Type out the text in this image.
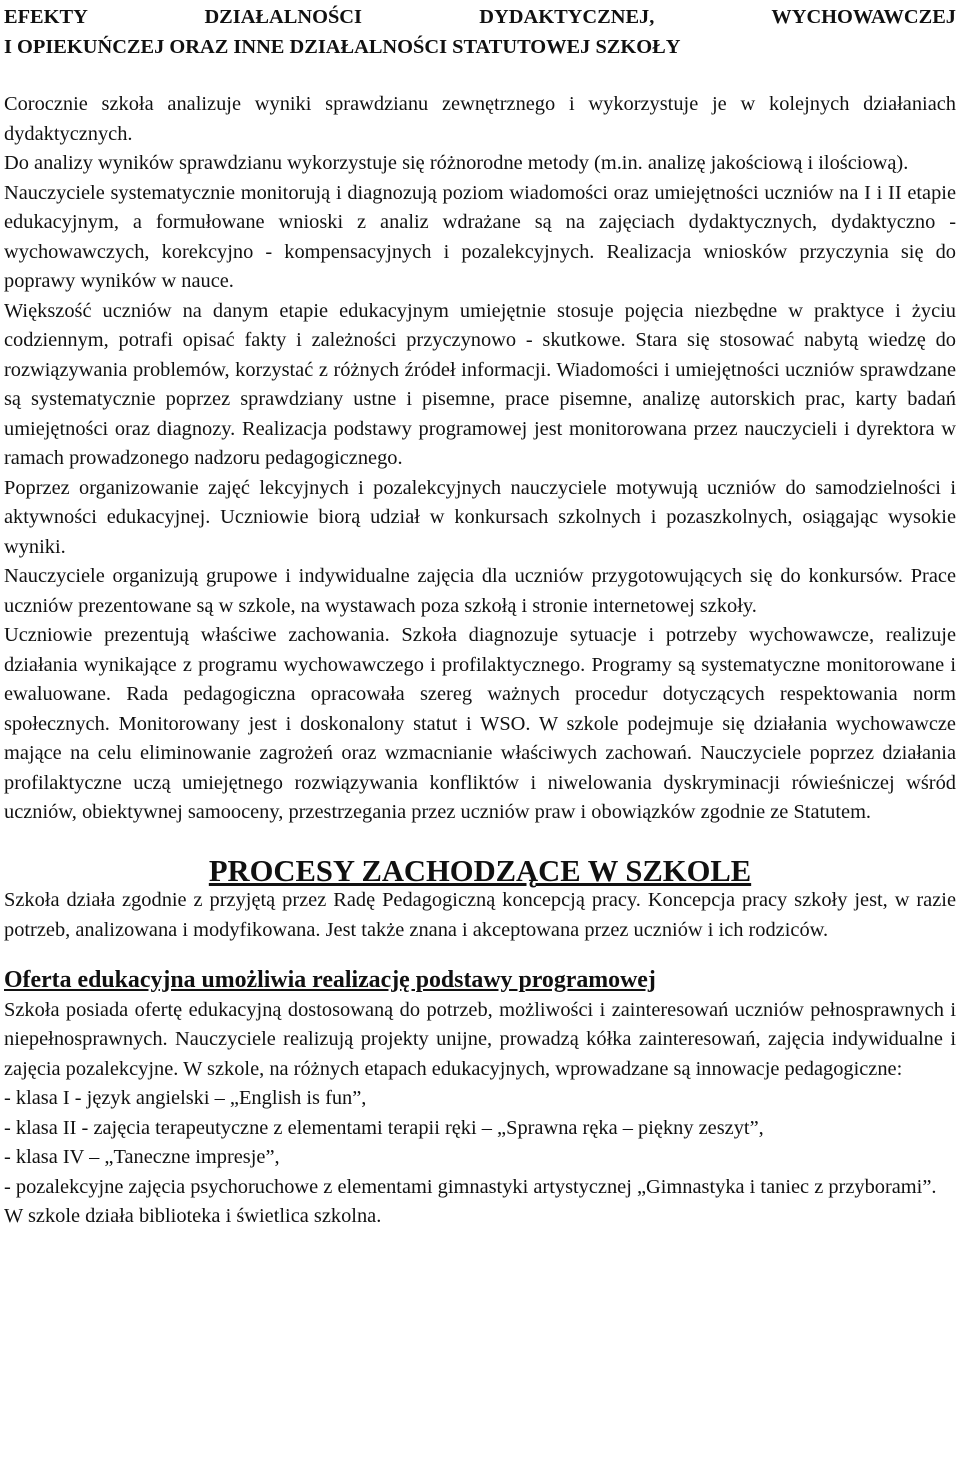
EFEKTY DZIAŁALNOŚCI DYDAKTYCZNEJ, WYCHOWAWCZEJ
I OPIEKUŃCZEJ ORAZ INNE DZIAŁALNOŚCI STATUTOWEJ SZKOŁY

Corocznie szkoła analizuje wyniki sprawdzianu zewnętrznego i wykorzystuje je w kolejnych działaniach dydaktycznych.

Do analizy wyników sprawdzianu wykorzystuje się różnorodne metody (m.in. analizę jakościową i ilościową).

Nauczyciele systematycznie monitorują i diagnozują poziom wiadomości oraz umiejętności uczniów na I i II etapie edukacyjnym, a formułowane wnioski z analiz wdrażane są na zajęciach dydaktycznych, dydaktyczno - wychowawczych, korekcyjno - kompensacyjnych i pozalekcyjnych. Realizacja wniosków przyczynia się do poprawy wyników w nauce.

Większość uczniów na danym etapie edukacyjnym umiejętnie stosuje pojęcia niezbędne w praktyce i życiu codziennym, potrafi opisać fakty i zależności przyczynowo - skutkowe. Stara się stosować nabytą wiedzę do rozwiązywania problemów, korzystać z różnych źródeł informacji. Wiadomości i umiejętności uczniów sprawdzane są systematycznie poprzez sprawdziany ustne i pisemne, prace pisemne, analizę autorskich prac, karty badań umiejętności oraz diagnozy. Realizacja podstawy programowej jest monitorowana przez nauczycieli i dyrektora w ramach prowadzonego nadzoru pedagogicznego.

Poprzez organizowanie zajęć lekcyjnych i pozalekcyjnych nauczyciele motywują uczniów do samodzielności i aktywności edukacyjnej. Uczniowie biorą udział w konkursach szkolnych i pozaszkolnych, osiągając wysokie wyniki.

Nauczyciele organizują grupowe i indywidualne zajęcia dla uczniów przygotowujących się do konkursów. Prace uczniów prezentowane są w szkole, na wystawach poza szkołą i stronie internetowej szkoły.

Uczniowie prezentują właściwe zachowania. Szkoła diagnozuje sytuacje i potrzeby wychowawcze, realizuje działania wynikające z programu wychowawczego i profilaktycznego. Programy są systematyczne monitorowane i ewaluowane. Rada pedagogiczna opracowała szereg ważnych procedur dotyczących respektowania norm społecznych. Monitorowany jest i doskonalony statut i WSO. W szkole podejmuje się działania wychowawcze mające na celu eliminowanie zagrożeń oraz wzmacnianie właściwych zachowań. Nauczyciele poprzez działania profilaktyczne uczą umiejętnego rozwiązywania konfliktów i niwelowania dyskryminacji rówieśniczej wśród uczniów, obiektywnej samooceny, przestrzegania przez uczniów praw i obowiązków zgodnie ze Statutem.

PROCESY ZACHODZĄCE W SZKOLE

Szkoła działa zgodnie z przyjętą przez Radę Pedagogiczną koncepcją pracy. Koncepcja pracy szkoły jest, w razie potrzeb, analizowana i modyfikowana. Jest także znana i akceptowana przez uczniów i ich rodziców.

Oferta edukacyjna umożliwia realizację podstawy programowej

Szkoła posiada ofertę edukacyjną dostosowaną do potrzeb, możliwości i zainteresowań uczniów pełnosprawnych i niepełnosprawnych. Nauczyciele realizują projekty unijne, prowadzą kółka zainteresowań, zajęcia indywidualne i zajęcia pozalekcyjne. W szkole, na różnych etapach edukacyjnych, wprowadzane są innowacje pedagogiczne:

- klasa I - język angielski – „English is fun”,

- klasa II - zajęcia terapeutyczne z elementami terapii ręki – „Sprawna ręka – piękny zeszyt”,

- klasa IV – „Taneczne impresje”,

- pozalekcyjne zajęcia psychoruchowe z elementami gimnastyki artystycznej „Gimnastyka i taniec z przyborami”.

W szkole działa biblioteka i świetlica szkolna.
